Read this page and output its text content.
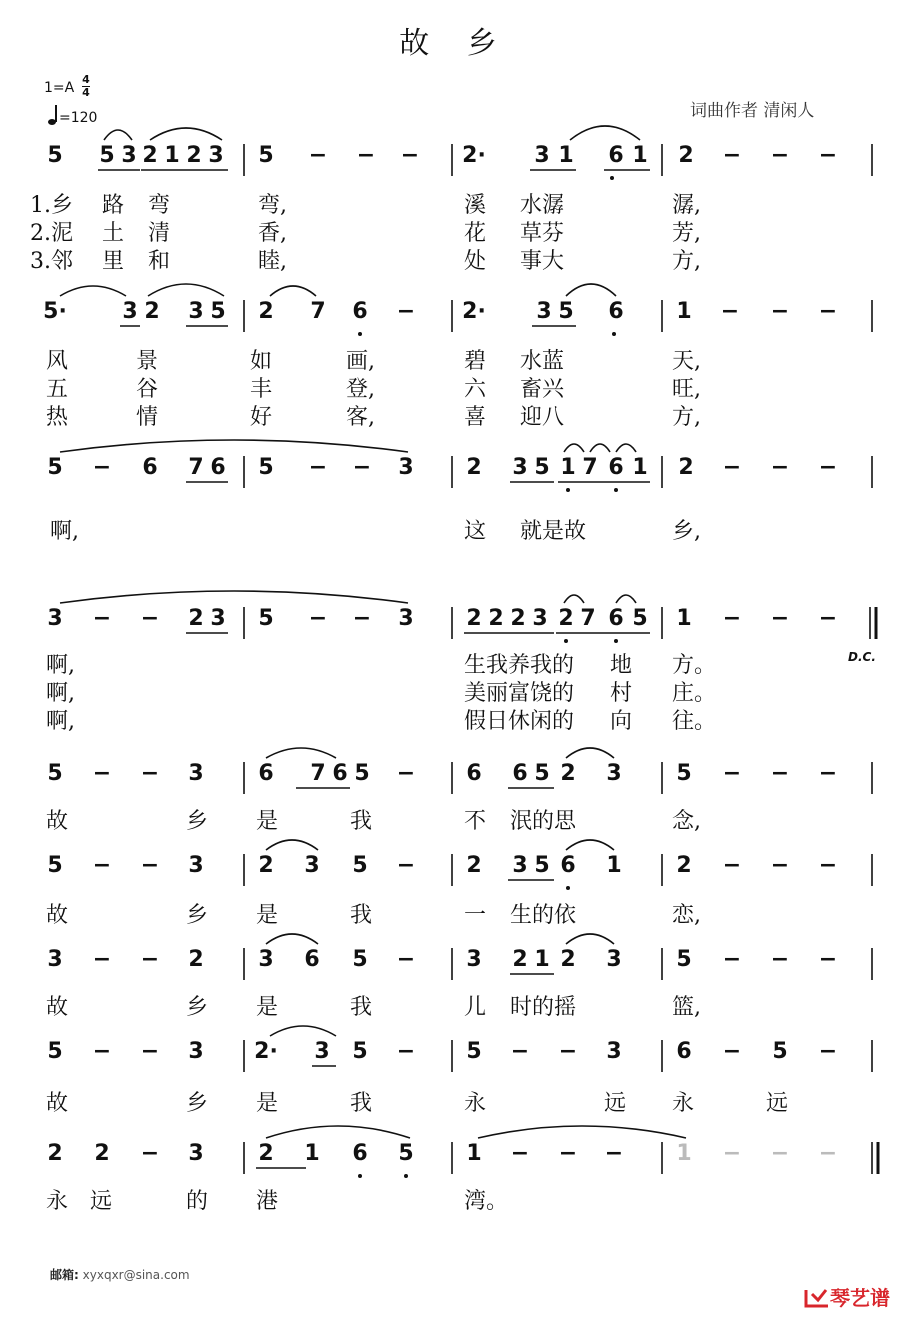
故 乡
1=A
4
4
=120	词曲作者 清闲人
5 5 3 2 1 2 3 5 − − − 2· 3 1 6 1 2 − − −
5·	3 2 3 5 2 7 6 − 2· 3 5 6 1 − − −
5 − 6 7 6 5 − − 3 2 3 5 1 7 6 1 2 − − −
3 − − 2 3 5 − − 3 2 2 2 3 2 7 6 5 1 − − −
5 − − 3 6 7 6 5 − 6 6 5 2 3 5 − − −
5 − − 3 2 3 5 − 2 3 5 6 1 2 − − −
3 − − 2 3 6 5 − 3 2 1 2 3 5 − − −
5 − − 3 2· 3 5 − 5 − − 3 6 − 5 −
2 2 − 3 2 1 6 5 1 − − − 1 − − −
1.乡 路 弯	弯,	溪 水潺	潺,
2.泥 土 清	香,	花 草芬	芳,
3.邻 里 和	睦,	处 事大	方,
风	景	如	画,	碧 水蓝	天,
五	谷	丰	登,	六 畜兴	旺,
热	情	好	客,	喜 迎八	方,
啊,	这 就是故	乡,
啊,	生我养我的 地 方。
啊,	美丽富饶的 村 庄。
啊,	假日休闲的 向 往。
故	乡 是	我	不 泯的思	念,
故	乡 是	我	一 生的依	恋,
故	乡 是	我	儿 时的摇	篮,
故	乡 是	我	永	远 永	远
永 远	的 港	湾。
D.C.
邮箱: xyxqxr@sina.com
琴艺谱
